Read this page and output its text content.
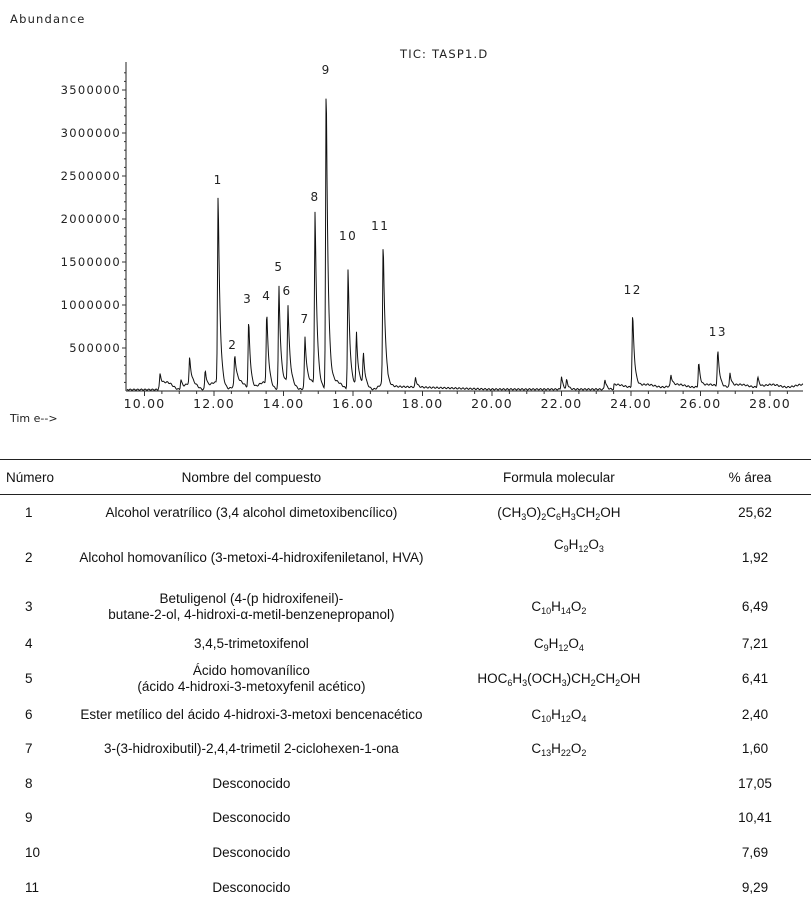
Abundance
TIC: TASP1.D
Tim e-->
3500000
3000000
2500000
2000000
1500000
1000000
500000
10.00 12.00 14.00 16.00 18.00 20.00 22.00 24.00 26.00 28.00
1
2
3 4
5
6
7
8
9
10
11
12
13
Número	Nombre del compuesto	Formula molecular	% área
1	Alcohol veratrílico (3,4 alcohol dimetoxibencílico)	$(CH_3O)_2C_6H_3CH_2OH$	25,62
2	Alcohol homovanílico (3-metoxi-4-hidroxifeniletanol, HVA)	$C_9H_{12}O_3$	1,92
3	Betuligenol (4-(p hidroxifeneil)-
butane-2-ol, 4-hidroxi-α-metil-benzenepropanol)	$C_{10}H_{14}O_2$	6,49
4	3,4,5-trimetoxifenol	$C_9H_{12}O_4$	7,21
5	Ácido homovanílico
(ácido 4-hidroxi-3-metoxyfenil acético)	$HOC_6H_3(OCH_3)CH_2CH_2OH$	6,41
6	Ester metílico del ácido 4-hidroxi-3-metoxi bencenacético	$C_{10}H_{12}O_4$	2,40
7	3-(3-hidroxibutil)-2,4,4-trimetil 2-ciclohexen-1-ona	$C_{13}H_{22}O_2$	1,60
8	Desconocido		17,05
9	Desconocido		10,41
10	Desconocido		7,69
11	Desconocido		9,29
